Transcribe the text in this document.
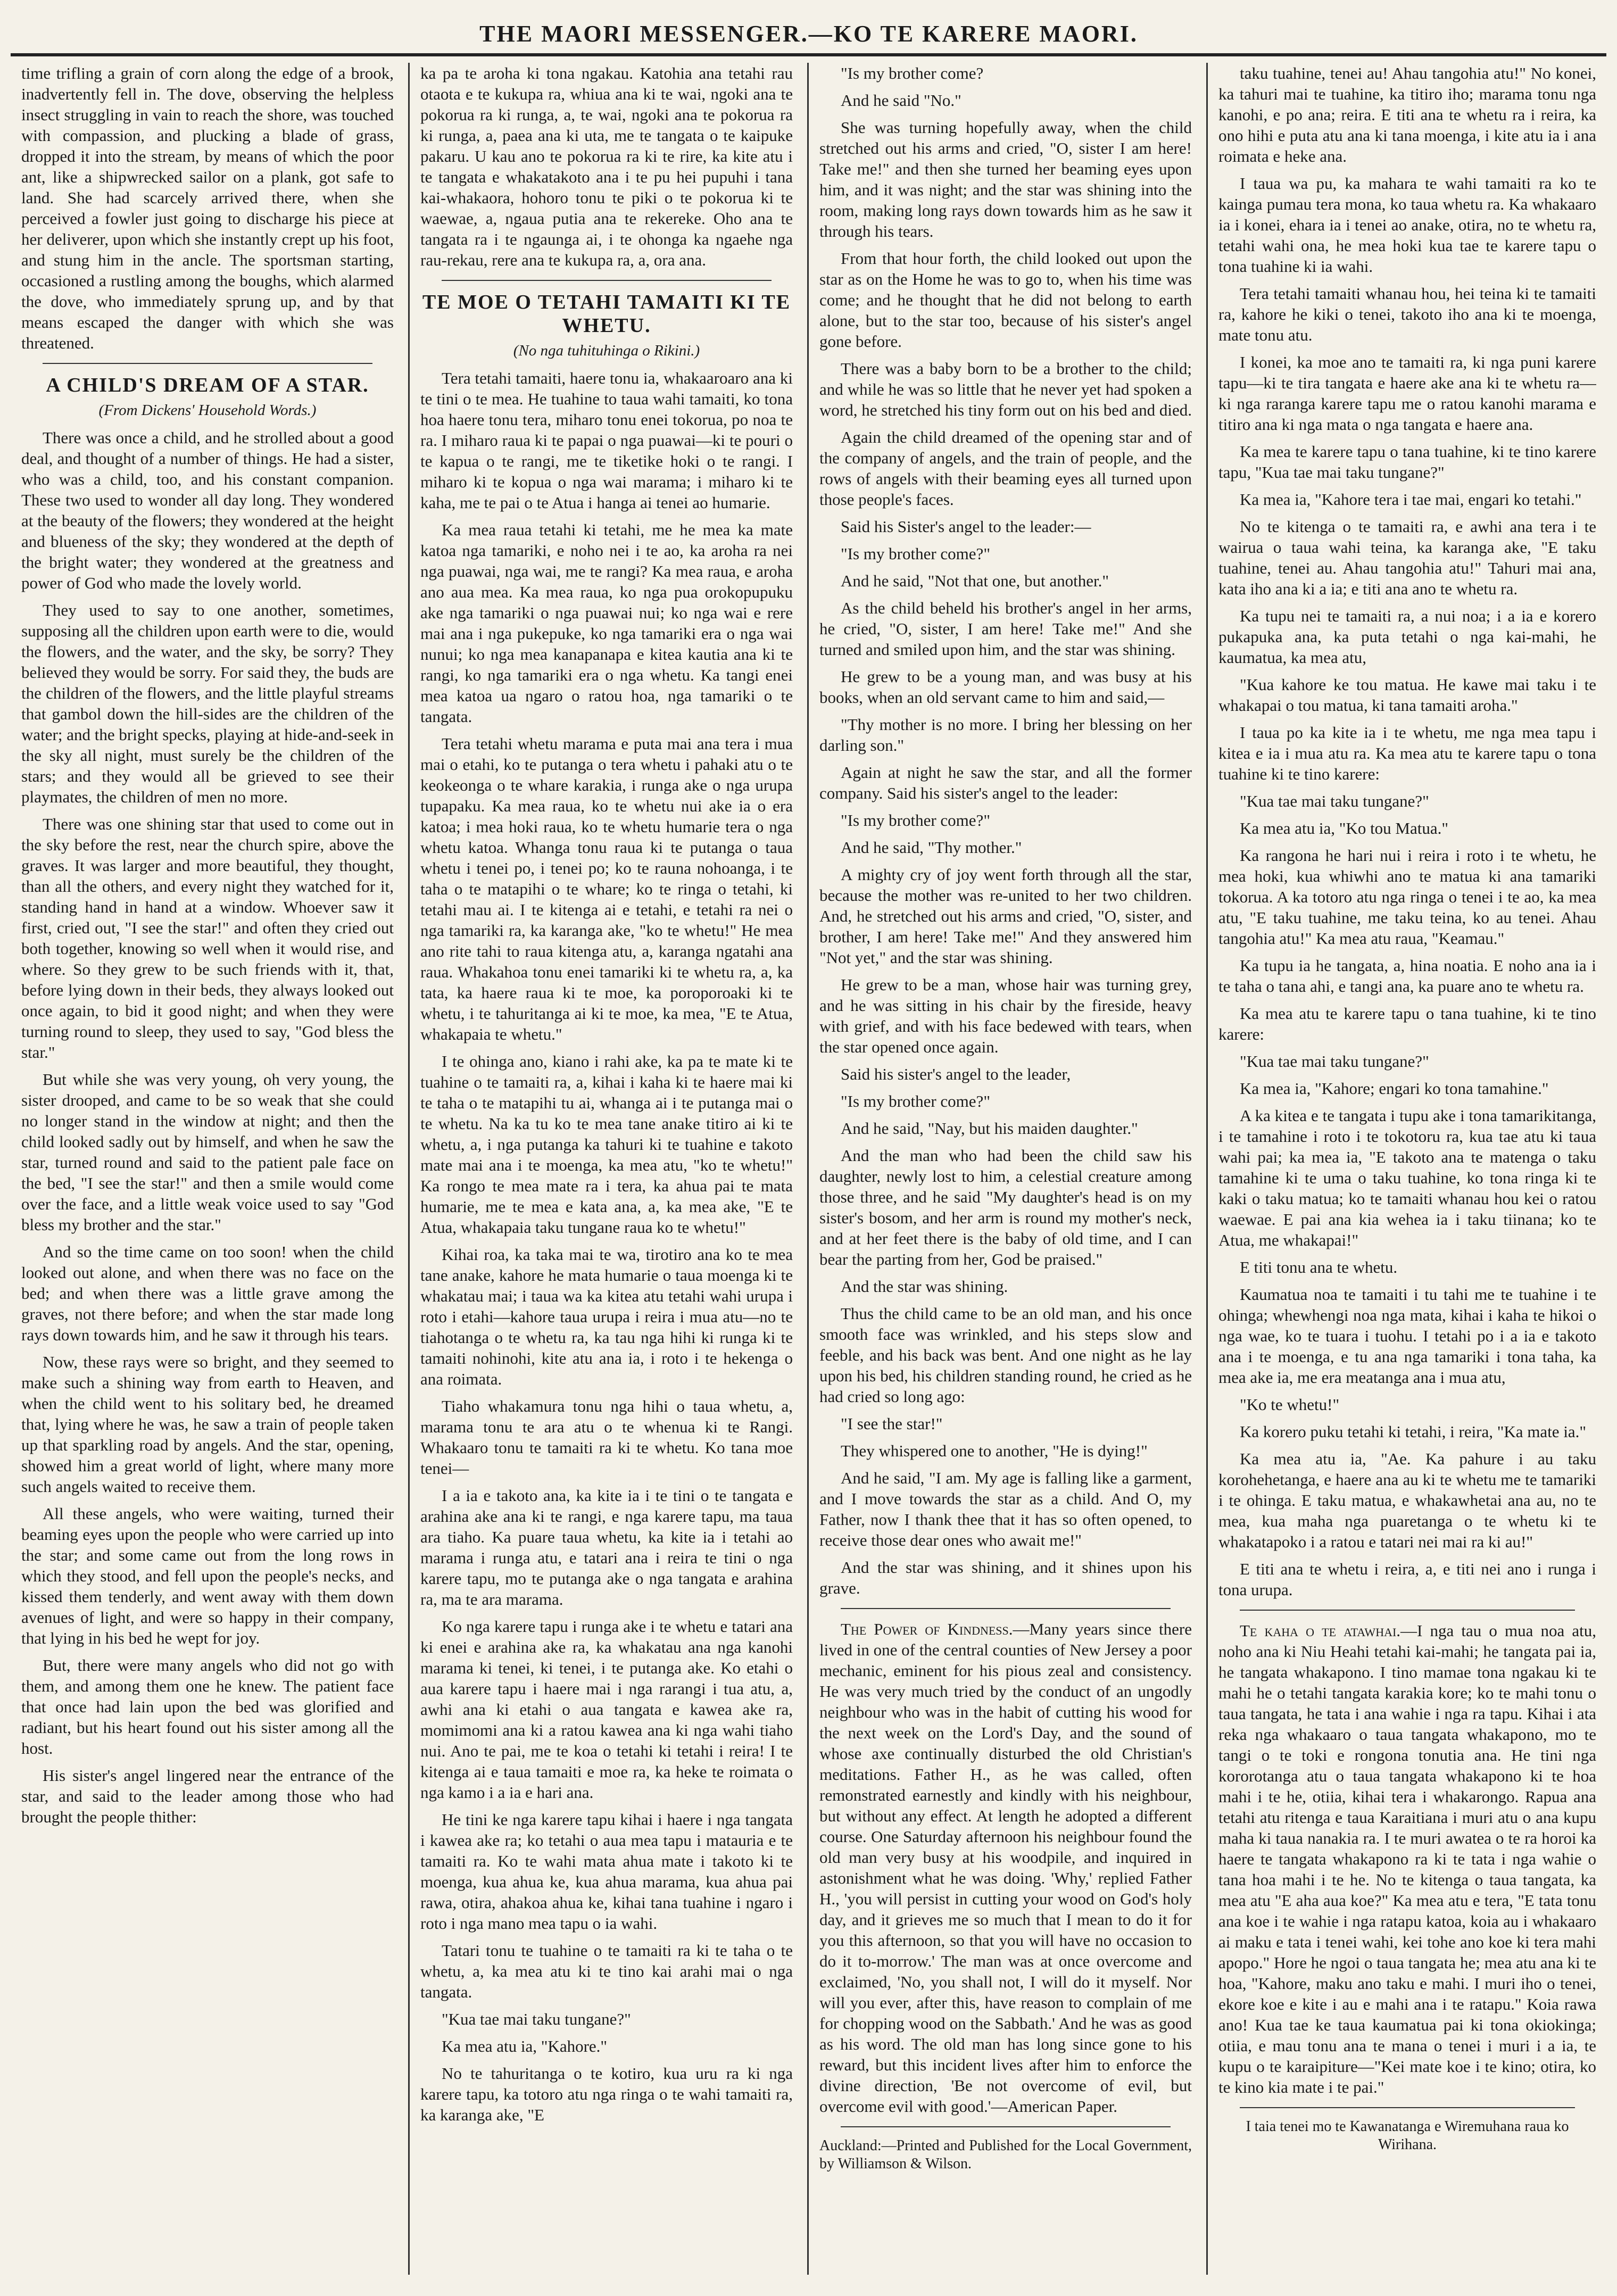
THE MAORI MESSENGER.—KO TE KARERE MAORI.

time trifling a grain of corn along the edge of a brook, inadvertently fell in. The dove, observing the helpless insect struggling in vain to reach the shore, was touched with compassion, and plucking a blade of grass, dropped it into the stream, by means of which the poor ant, like a shipwrecked sailor on a plank, got safe to land. She had scarcely arrived there, when she perceived a fowler just going to discharge his piece at her deliverer, upon which she instantly crept up his foot, and stung him in the ancle. The sportsman starting, occasioned a rustling among the boughs, which alarmed the dove, who immediately sprung up, and by that means escaped the danger with which she was threatened.

A CHILD'S DREAM OF A STAR.

(From Dickens' Household Words.)

There was once a child, and he strolled about a good deal, and thought of a number of things. He had a sister, who was a child, too, and his constant companion. These two used to wonder all day long. They wondered at the beauty of the flowers; they wondered at the height and blueness of the sky; they wondered at the depth of the bright water; they wondered at the greatness and power of God who made the lovely world.

They used to say to one another, sometimes, supposing all the children upon earth were to die, would the flowers, and the water, and the sky, be sorry? They believed they would be sorry. For said they, the buds are the children of the flowers, and the little playful streams that gambol down the hill-sides are the children of the water; and the bright specks, playing at hide-and-seek in the sky all night, must surely be the children of the stars; and they would all be grieved to see their playmates, the children of men no more.

There was one shining star that used to come out in the sky before the rest, near the church spire, above the graves. It was larger and more beautiful, they thought, than all the others, and every night they watched for it, standing hand in hand at a window. Whoever saw it first, cried out, "I see the star!" and often they cried out both together, knowing so well when it would rise, and where. So they grew to be such friends with it, that, before lying down in their beds, they always looked out once again, to bid it good night; and when they were turning round to sleep, they used to say, "God bless the star."

But while she was very young, oh very young, the sister drooped, and came to be so weak that she could no longer stand in the window at night; and then the child looked sadly out by himself, and when he saw the star, turned round and said to the patient pale face on the bed, "I see the star!" and then a smile would come over the face, and a little weak voice used to say "God bless my brother and the star."

And so the time came on too soon! when the child looked out alone, and when there was no face on the bed; and when there was a little grave among the graves, not there before; and when the star made long rays down towards him, and he saw it through his tears.

Now, these rays were so bright, and they seemed to make such a shining way from earth to Heaven, and when the child went to his solitary bed, he dreamed that, lying where he was, he saw a train of people taken up that sparkling road by angels. And the star, opening, showed him a great world of light, where many more such angels waited to receive them.

All these angels, who were waiting, turned their beaming eyes upon the people who were carried up into the star; and some came out from the long rows in which they stood, and fell upon the people's necks, and kissed them tenderly, and went away with them down avenues of light, and were so happy in their company, that lying in his bed he wept for joy.

But, there were many angels who did not go with them, and among them one he knew. The patient face that once had lain upon the bed was glorified and radiant, but his heart found out his sister among all the host.

His sister's angel lingered near the entrance of the star, and said to the leader among those who had brought the people thither:

ka pa te aroha ki tona ngakau. Katohia ana tetahi rau otaota e te kukupa ra, whiua ana ki te wai, ngoki ana te pokorua ra ki runga, a, te wai, ngoki ana te pokorua ra ki runga, a, paea ana ki uta, me te tangata o te kaipuke pakaru. U kau ano te pokorua ra ki te rire, ka kite atu i te tangata e whakatakoto ana i te pu hei pupuhi i tana kai-whakaora, hohoro tonu te piki o te pokorua ki te waewae, a, ngaua putia ana te rekereke. Oho ana te tangata ra i te ngaunga ai, i te ohonga ka ngaehe nga rau-rekau, rere ana te kukupa ra, a, ora ana.

TE MOE O TETAHI TAMAITI KI TE WHETU.

(No nga tuhituhinga o Rikini.)

Tera tetahi tamaiti, haere tonu ia, whakaaroaro ana ki te tini o te mea. He tuahine to taua wahi tamaiti, ko tona hoa haere tonu tera, miharo tonu enei tokorua, po noa te ra. I miharo raua ki te papai o nga puawai—ki te pouri o te kapua o te rangi, me te tiketike hoki o te rangi. I miharo ki te kopua o nga wai marama; i miharo ki te kaha, me te pai o te Atua i hanga ai tenei ao humarie.

Ka mea raua tetahi ki tetahi, me he mea ka mate katoa nga tamariki, e noho nei i te ao, ka aroha ra nei nga puawai, nga wai, me te rangi? Ka mea raua, e aroha ano aua mea. Ka mea raua, ko nga pua orokopupuku ake nga tamariki o nga puawai nui; ko nga wai e rere mai ana i nga pukepuke, ko nga tamariki era o nga wai nunui; ko nga mea kanapanapa e kitea kautia ana ki te rangi, ko nga tamariki era o nga whetu. Ka tangi enei mea katoa ua ngaro o ratou hoa, nga tamariki o te tangata.

Tera tetahi whetu marama e puta mai ana tera i mua mai o etahi, ko te putanga o tera whetu i pahaki atu o te keokeonga o te whare karakia, i runga ake o nga urupa tupapaku. Ka mea raua, ko te whetu nui ake ia o era katoa; i mea hoki raua, ko te whetu humarie tera o nga whetu katoa. Whanga tonu raua ki te putanga o taua whetu i tenei po, i tenei po; ko te rauna nohoanga, i te taha o te matapihi o te whare; ko te ringa o tetahi, ki tetahi mau ai. I te kitenga ai e tetahi, e tetahi ra nei o nga tamariki ra, ka karanga ake, "ko te whetu!" He mea ano rite tahi to raua kitenga atu, a, karanga ngatahi ana raua. Whakahoa tonu enei tamariki ki te whetu ra, a, ka tata, ka haere raua ki te moe, ka poroporoaki ki te whetu, i te tahuritanga ai ki te moe, ka mea, "E te Atua, whakapaia te whetu."

I te ohinga ano, kiano i rahi ake, ka pa te mate ki te tuahine o te tamaiti ra, a, kihai i kaha ki te haere mai ki te taha o te matapihi tu ai, whanga ai i te putanga mai o te whetu. Na ka tu ko te mea tane anake titiro ai ki te whetu, a, i nga putanga ka tahuri ki te tuahine e takoto mate mai ana i te moenga, ka mea atu, "ko te whetu!" Ka rongo te mea mate ra i tera, ka ahua pai te mata humarie, me te mea e kata ana, a, ka mea ake, "E te Atua, whakapaia taku tungane raua ko te whetu!"

Kihai roa, ka taka mai te wa, tirotiro ana ko te mea tane anake, kahore he mata humarie o taua moenga ki te whakatau mai; i taua wa ka kitea atu tetahi wahi urupa i roto i etahi—kahore taua urupa i reira i mua atu—no te tiahotanga o te whetu ra, ka tau nga hihi ki runga ki te tamaiti nohinohi, kite atu ana ia, i roto i te hekenga o ana roimata.

Tiaho whakamura tonu nga hihi o taua whetu, a, marama tonu te ara atu o te whenua ki te Rangi. Whakaaro tonu te tamaiti ra ki te whetu. Ko tana moe tenei—

I a ia e takoto ana, ka kite ia i te tini o te tangata e arahina ake ana ki te rangi, e nga karere tapu, ma taua ara tiaho. Ka puare taua whetu, ka kite ia i tetahi ao marama i runga atu, e tatari ana i reira te tini o nga karere tapu, mo te putanga ake o nga tangata e arahina ra, ma te ara marama.

Ko nga karere tapu i runga ake i te whetu e tatari ana ki enei e arahina ake ra, ka whakatau ana nga kanohi marama ki tenei, ki tenei, i te putanga ake. Ko etahi o aua karere tapu i haere mai i nga rarangi i tua atu, a, awhi ana ki etahi o aua tangata e kawea ake ra, momimomi ana ki a ratou kawea ana ki nga wahi tiaho nui. Ano te pai, me te koa o tetahi ki tetahi i reira! I te kitenga ai e taua tamaiti e moe ra, ka heke te roimata o nga kamo i a ia e hari ana.

He tini ke nga karere tapu kihai i haere i nga tangata i kawea ake ra; ko tetahi o aua mea tapu i matauria e te tamaiti ra. Ko te wahi mata ahua mate i takoto ki te moenga, kua ahua ke, kua ahua marama, kua ahua pai rawa, otira, ahakoa ahua ke, kihai tana tuahine i ngaro i roto i nga mano mea tapu o ia wahi.

Tatari tonu te tuahine o te tamaiti ra ki te taha o te whetu, a, ka mea atu ki te tino kai arahi mai o nga tangata.

"Kua tae mai taku tungane?"

Ka mea atu ia, "Kahore."

No te tahuritanga o te kotiro, kua uru ra ki nga karere tapu, ka totoro atu nga ringa o te wahi tamaiti ra, ka karanga ake, "E

"Is my brother come?

And he said "No."

She was turning hopefully away, when the child stretched out his arms and cried, "O, sister I am here! Take me!" and then she turned her beaming eyes upon him, and it was night; and the star was shining into the room, making long rays down towards him as he saw it through his tears.

From that hour forth, the child looked out upon the star as on the Home he was to go to, when his time was come; and he thought that he did not belong to earth alone, but to the star too, because of his sister's angel gone before.

There was a baby born to be a brother to the child; and while he was so little that he never yet had spoken a word, he stretched his tiny form out on his bed and died.

Again the child dreamed of the opening star and of the company of angels, and the train of people, and the rows of angels with their beaming eyes all turned upon those people's faces.

Said his Sister's angel to the leader:—

"Is my brother come?"

And he said, "Not that one, but another."

As the child beheld his brother's angel in her arms, he cried, "O, sister, I am here! Take me!" And she turned and smiled upon him, and the star was shining.

He grew to be a young man, and was busy at his books, when an old servant came to him and said,—

"Thy mother is no more. I bring her blessing on her darling son."

Again at night he saw the star, and all the former company. Said his sister's angel to the leader:

"Is my brother come?"

And he said, "Thy mother."

A mighty cry of joy went forth through all the star, because the mother was re-united to her two children. And, he stretched out his arms and cried, "O, sister, and brother, I am here! Take me!" And they answered him "Not yet," and the star was shining.

He grew to be a man, whose hair was turning grey, and he was sitting in his chair by the fireside, heavy with grief, and with his face bedewed with tears, when the star opened once again.

Said his sister's angel to the leader,

"Is my brother come?"

And he said, "Nay, but his maiden daughter."

And the man who had been the child saw his daughter, newly lost to him, a celestial creature among those three, and he said "My daughter's head is on my sister's bosom, and her arm is round my mother's neck, and at her feet there is the baby of old time, and I can bear the parting from her, God be praised."

And the star was shining.

Thus the child came to be an old man, and his once smooth face was wrinkled, and his steps slow and feeble, and his back was bent. And one night as he lay upon his bed, his children standing round, he cried as he had cried so long ago:

"I see the star!"

They whispered one to another, "He is dying!"

And he said, "I am. My age is falling like a garment, and I move towards the star as a child. And O, my Father, now I thank thee that it has so often opened, to receive those dear ones who await me!"

And the star was shining, and it shines upon his grave.

The Power of Kindness.—Many years since there lived in one of the central counties of New Jersey a poor mechanic, eminent for his pious zeal and consistency. He was very much tried by the conduct of an ungodly neighbour who was in the habit of cutting his wood for the next week on the Lord's Day, and the sound of whose axe continually disturbed the old Christian's meditations. Father H., as he was called, often remonstrated earnestly and kindly with his neighbour, but without any effect. At length he adopted a different course. One Saturday afternoon his neighbour found the old man very busy at his woodpile, and inquired in astonishment what he was doing. 'Why,' replied Father H., 'you will persist in cutting your wood on God's holy day, and it grieves me so much that I mean to do it for you this afternoon, so that you will have no occasion to do it to-morrow.' The man was at once overcome and exclaimed, 'No, you shall not, I will do it myself. Nor will you ever, after this, have reason to complain of me for chopping wood on the Sabbath.' And he was as good as his word. The old man has long since gone to his reward, but this incident lives after him to enforce the divine direction, 'Be not overcome of evil, but overcome evil with good.'—American Paper.

Auckland:—Printed and Published for the Local Government, by Williamson & Wilson.

taku tuahine, tenei au! Ahau tangohia atu!" No konei, ka tahuri mai te tuahine, ka titiro iho; marama tonu nga kanohi, e po ana; reira. E titi ana te whetu ra i reira, ka ono hihi e puta atu ana ki tana moenga, i kite atu ia i ana roimata e heke ana.

I taua wa pu, ka mahara te wahi tamaiti ra ko te kainga pumau tera mona, ko taua whetu ra. Ka whakaaro ia i konei, ehara ia i tenei ao anake, otira, no te whetu ra, tetahi wahi ona, he mea hoki kua tae te karere tapu o tona tuahine ki ia wahi.

Tera tetahi tamaiti whanau hou, hei teina ki te tamaiti ra, kahore he kiki o tenei, takoto iho ana ki te moenga, mate tonu atu.

I konei, ka moe ano te tamaiti ra, ki nga puni karere tapu—ki te tira tangata e haere ake ana ki te whetu ra—ki nga raranga karere tapu me o ratou kanohi marama e titiro ana ki nga mata o nga tangata e haere ana.

Ka mea te karere tapu o tana tuahine, ki te tino karere tapu, "Kua tae mai taku tungane?"

Ka mea ia, "Kahore tera i tae mai, engari ko tetahi."

No te kitenga o te tamaiti ra, e awhi ana tera i te wairua o taua wahi teina, ka karanga ake, "E taku tuahine, tenei au. Ahau tangohia atu!" Tahuri mai ana, kata iho ana ki a ia; e titi ana ano te whetu ra.

Ka tupu nei te tamaiti ra, a nui noa; i a ia e korero pukapuka ana, ka puta tetahi o nga kai-mahi, he kaumatua, ka mea atu,

"Kua kahore ke tou matua. He kawe mai taku i te whakapai o tou matua, ki tana tamaiti aroha."

I taua po ka kite ia i te whetu, me nga mea tapu i kitea e ia i mua atu ra. Ka mea atu te karere tapu o tona tuahine ki te tino karere:

"Kua tae mai taku tungane?"

Ka mea atu ia, "Ko tou Matua."

Ka rangona he hari nui i reira i roto i te whetu, he mea hoki, kua whiwhi ano te matua ki ana tamariki tokorua. A ka totoro atu nga ringa o tenei i te ao, ka mea atu, "E taku tuahine, me taku teina, ko au tenei. Ahau tangohia atu!" Ka mea atu raua, "Keamau."

Ka tupu ia he tangata, a, hina noatia. E noho ana ia i te taha o tana ahi, e tangi ana, ka puare ano te whetu ra.

Ka mea atu te karere tapu o tana tuahine, ki te tino karere:

"Kua tae mai taku tungane?"

Ka mea ia, "Kahore; engari ko tona tamahine."

A ka kitea e te tangata i tupu ake i tona tamarikitanga, i te tamahine i roto i te tokotoru ra, kua tae atu ki taua wahi pai; ka mea ia, "E takoto ana te matenga o taku tamahine ki te uma o taku tuahine, ko tona ringa ki te kaki o taku matua; ko te tamaiti whanau hou kei o ratou waewae. E pai ana kia wehea ia i taku tiinana; ko te Atua, me whakapai!"

E titi tonu ana te whetu.

Kaumatua noa te tamaiti i tu tahi me te tuahine i te ohinga; whewhengi noa nga mata, kihai i kaha te hikoi o nga wae, ko te tuara i tuohu. I tetahi po i a ia e takoto ana i te moenga, e tu ana nga tamariki i tona taha, ka mea ake ia, me era meatanga ana i mua atu,

"Ko te whetu!"

Ka korero puku tetahi ki tetahi, i reira, "Ka mate ia."

Ka mea atu ia, "Ae. Ka pahure i au taku korohehetanga, e haere ana au ki te whetu me te tamariki i te ohinga. E taku matua, e whakawhetai ana au, no te mea, kua maha nga puaretanga o te whetu ki te whakatapoko i a ratou e tatari nei mai ra ki au!"

E titi ana te whetu i reira, a, e titi nei ano i runga i tona urupa.

Te kaha o te atawhai.—I nga tau o mua noa atu, noho ana ki Niu Heahi tetahi kai-mahi; he tangata pai ia, he tangata whakapono. I tino mamae tona ngakau ki te mahi he o tetahi tangata karakia kore; ko te mahi tonu o taua tangata, he tata i ana wahie i nga ra tapu. Kihai i ata reka nga whakaaro o taua tangata whakapono, mo te tangi o te toki e rongona tonutia ana. He tini nga kororotanga atu o taua tangata whakapono ki te hoa mahi i te he, otiia, kihai tera i whakarongo. Rapua ana tetahi atu ritenga e taua Karaitiana i muri atu o ana kupu maha ki taua nanakia ra. I te muri awatea o te ra horoi ka haere te tangata whakapono ra ki te tata i nga wahie o tana hoa mahi i te he. No te kitenga o taua tangata, ka mea atu "E aha aua koe?" Ka mea atu e tera, "E tata tonu ana koe i te wahie i nga ratapu katoa, koia au i whakaaro ai maku e tata i tenei wahi, kei tohe ano koe ki tera mahi apopo." Hore he ngoi o taua tangata he; mea atu ana ki te hoa, "Kahore, maku ano taku e mahi. I muri iho o tenei, ekore koe e kite i au e mahi ana i te ratapu." Koia rawa ano! Kua tae ke taua kaumatua pai ki tona okiokinga; otiia, e mau tonu ana te mana o tenei i muri i a ia, te kupu o te karaipiture—"Kei mate koe i te kino; otira, ko te kino kia mate i te pai."

I taia tenei mo te Kawanatanga e Wiremuhana raua ko Wirihana.
